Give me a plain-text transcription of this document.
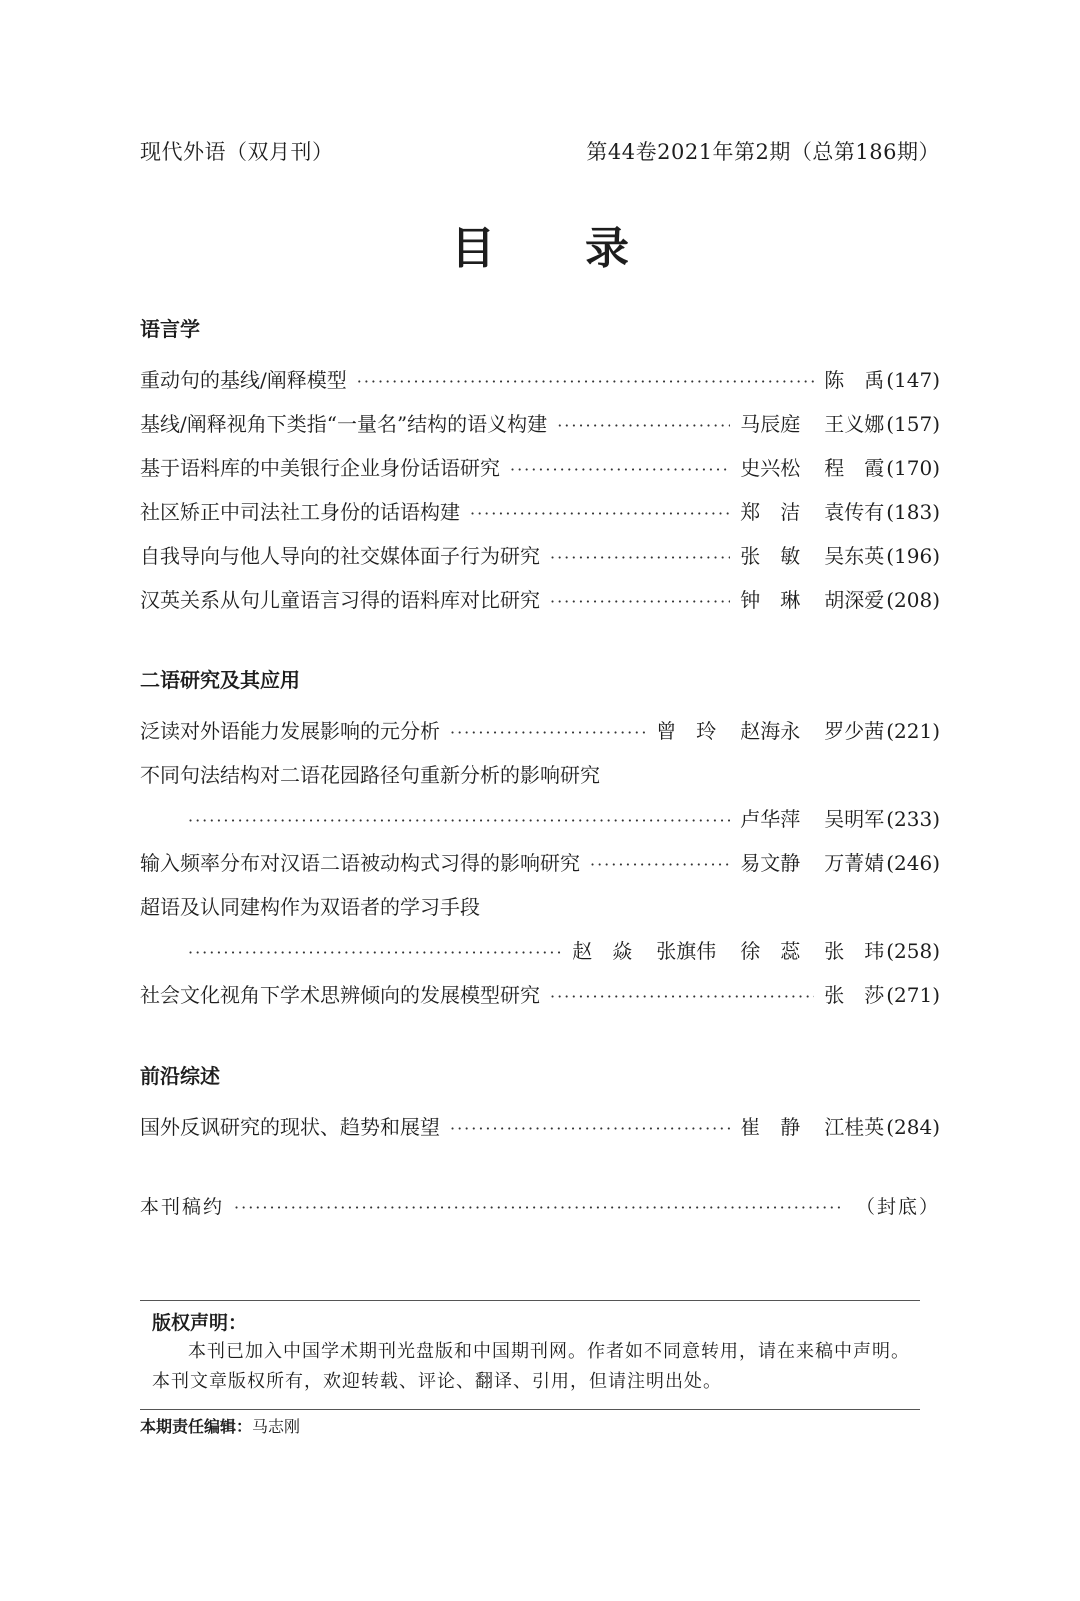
现代外语（双月刊）	第44卷2021年第2期（总第186期）
目 录
语言学
重动句的基线/阐释模型 ·····	陈　禹 (147)
基线/阐释视角下类指“一量名”结构的语义构建 ·····	马辰庭 王义娜 (157)
基于语料库的中美银行企业身份话语研究 ·····	史兴松 程　霞 (170)
社区矫正中司法社工身份的话语构建 ·····	郑　洁 袁传有 (183)
自我导向与他人导向的社交媒体面子行为研究 ·····	张　敏 吴东英 (196)
汉英关系从句儿童语言习得的语料库对比研究 ·····	钟　琳 胡深爱 (208)
二语研究及其应用
泛读对外语能力发展影响的元分析 ·····	曾　玲 赵海永 罗少茜 (221)
不同句法结构对二语花园路径句重新分析的影响研究
·····
卢华萍 吴明军 (233)
输入频率分布对汉语二语被动构式习得的影响研究 ·····	易文静 万菁婧 (246)
超语及认同建构作为双语者的学习手段
·····
赵　焱 张旗伟 徐　蕊 张　玮 (258)
社会文化视角下学术思辨倾向的发展模型研究 ·····	张　莎 (271)
前沿综述
国外反讽研究的现状、趋势和展望 ·····	崔　静 江桂英 (284)
本刊稿约 ·····	（封底）
版权声明：
本刊已加入中国学术期刊光盘版和中国期刊网。作者如不同意转用，请在来稿中声明。本刊文章版权所有，欢迎转载、评论、翻译、引用，但请注明出处。
本期责任编辑：马志刚
